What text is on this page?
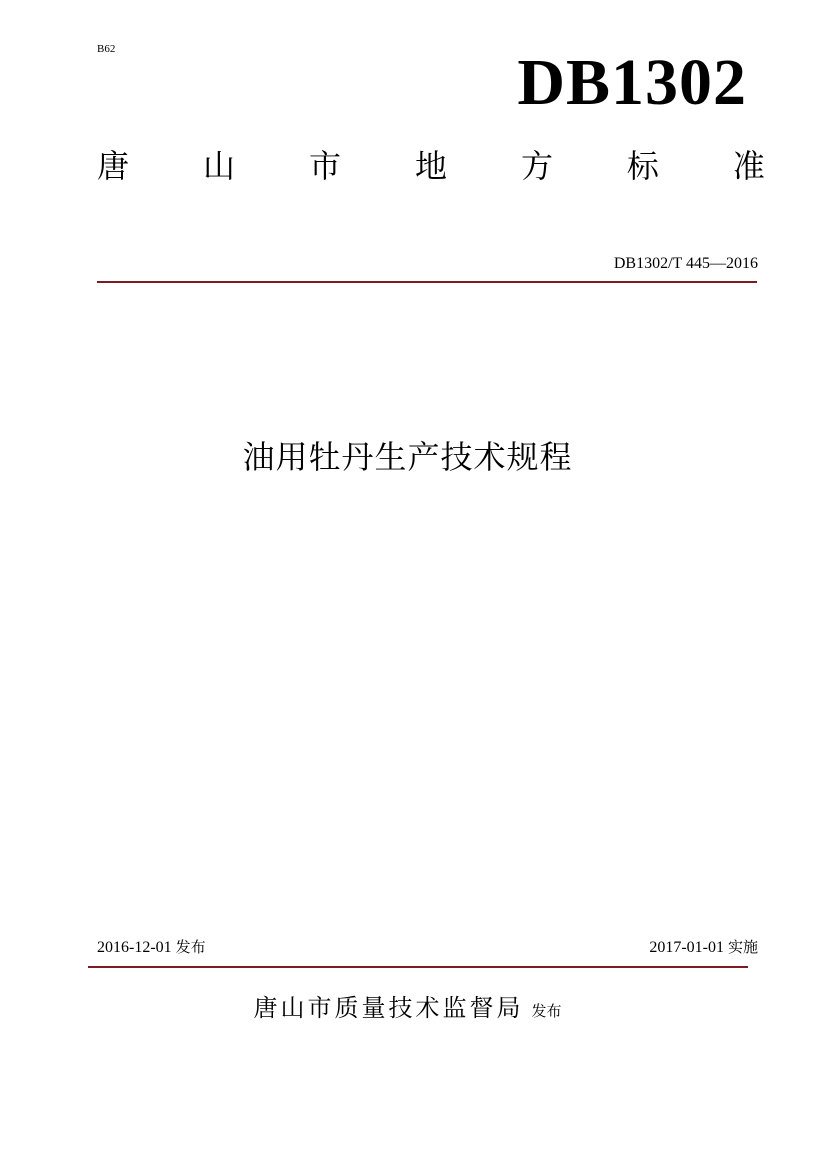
B62	DB1302
唐 山 市 地 方 标 准
DB1302/T 445—2016
油用牡丹生产技术规程
2016-12-01 发布	2017-01-01 实施
唐山市质量技术监督局 发布
